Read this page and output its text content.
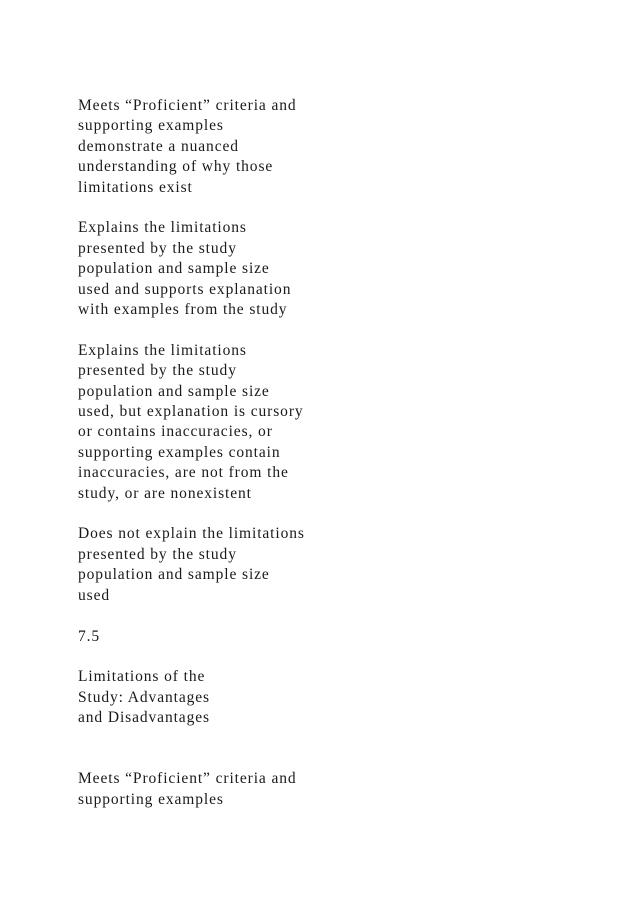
Meets “Proficient” criteria and
supporting examples
demonstrate a nuanced
understanding of why those
limitations exist

Explains the limitations
presented by the study
population and sample size
used and supports explanation
with examples from the study

Explains the limitations
presented by the study
population and sample size
used, but explanation is cursory
or contains inaccuracies, or
supporting examples contain
inaccuracies, are not from the
study, or are nonexistent

Does not explain the limitations
presented by the study
population and sample size
used

7.5

Limitations of the
Study: Advantages
and Disadvantages

Meets “Proficient” criteria and
supporting examples
